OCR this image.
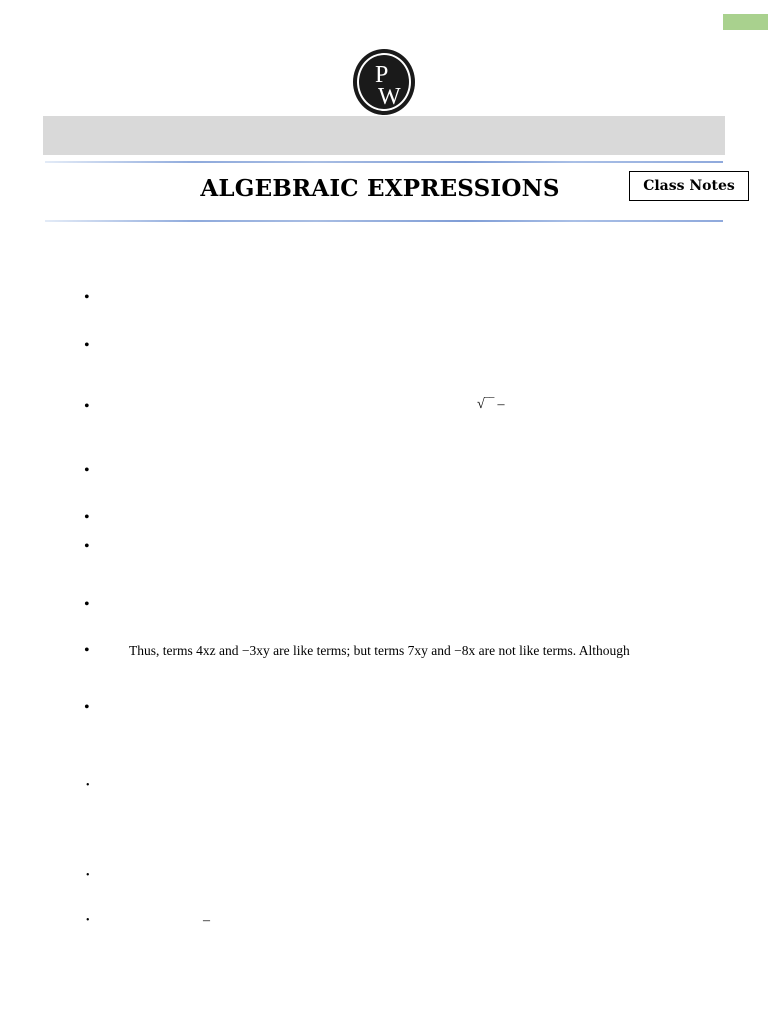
P
W
ALGEBRAIC EXPRESSIONS	Class Notes
•
•
•
•
•
•
•
•
•
•
•
•
√‾‾ –
Thus, terms 4xz and −3xy are like terms; but terms 7xy and −8x are not like terms. Although
–
